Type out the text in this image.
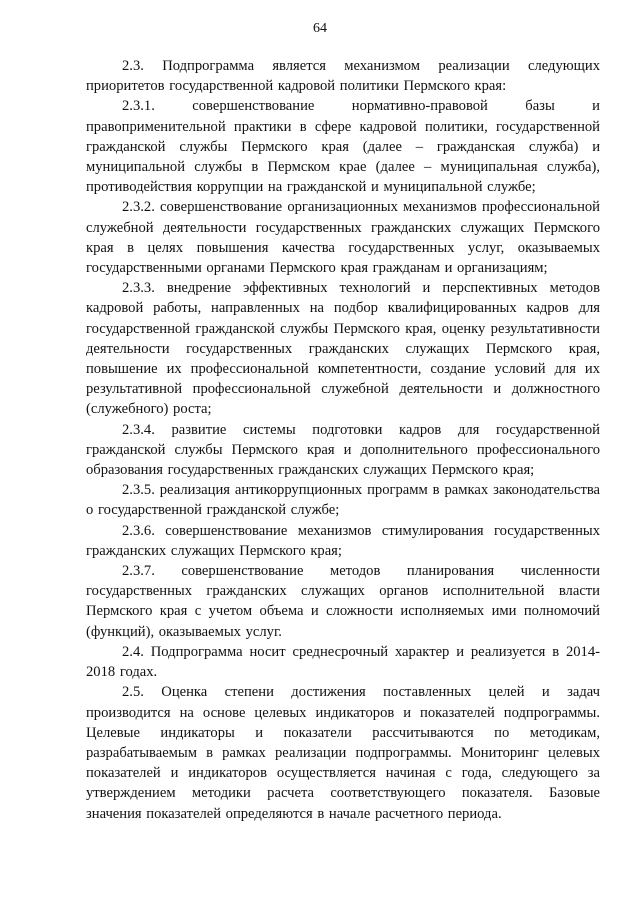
64

2.3. Подпрограмма является механизмом реализации следующих приоритетов государственной кадровой политики Пермского края:

2.3.1. совершенствование нормативно-правовой базы и правоприменительной практики в сфере кадровой политики, государственной гражданской службы Пермского края (далее – гражданская служба) и муниципальной службы в Пермском крае (далее – муниципальная служба), противодействия коррупции на гражданской и муниципальной службе;

2.3.2. совершенствование организационных механизмов профессиональной служебной деятельности государственных гражданских служащих Пермского края в целях повышения качества государственных услуг, оказываемых государственными органами Пермского края гражданам и организациям;

2.3.3. внедрение эффективных технологий и перспективных методов кадровой работы, направленных на подбор квалифицированных кадров для государственной гражданской службы Пермского края, оценку результативности деятельности государственных гражданских служащих Пермского края, повышение их профессиональной компетентности, создание условий для их результативной профессиональной служебной деятельности и должностного (служебного) роста;

2.3.4. развитие системы подготовки кадров для государственной гражданской службы Пермского края и дополнительного профессионального образования государственных гражданских служащих Пермского края;

2.3.5. реализация антикоррупционных программ в рамках законодательства о государственной гражданской службе;

2.3.6. совершенствование механизмов стимулирования государственных гражданских служащих Пермского края;

2.3.7. совершенствование методов планирования численности государственных гражданских служащих органов исполнительной власти Пермского края с учетом объема и сложности исполняемых ими полномочий (функций), оказываемых услуг.

2.4. Подпрограмма носит среднесрочный характер и реализуется в 2014-2018 годах.

2.5. Оценка степени достижения поставленных целей и задач производится на основе целевых индикаторов и показателей подпрограммы. Целевые индикаторы и показатели рассчитываются по методикам, разрабатываемым в рамках реализации подпрограммы. Мониторинг целевых показателей и индикаторов осуществляется начиная с года, следующего за утверждением методики расчета соответствующего показателя. Базовые значения показателей определяются в начале расчетного периода.
